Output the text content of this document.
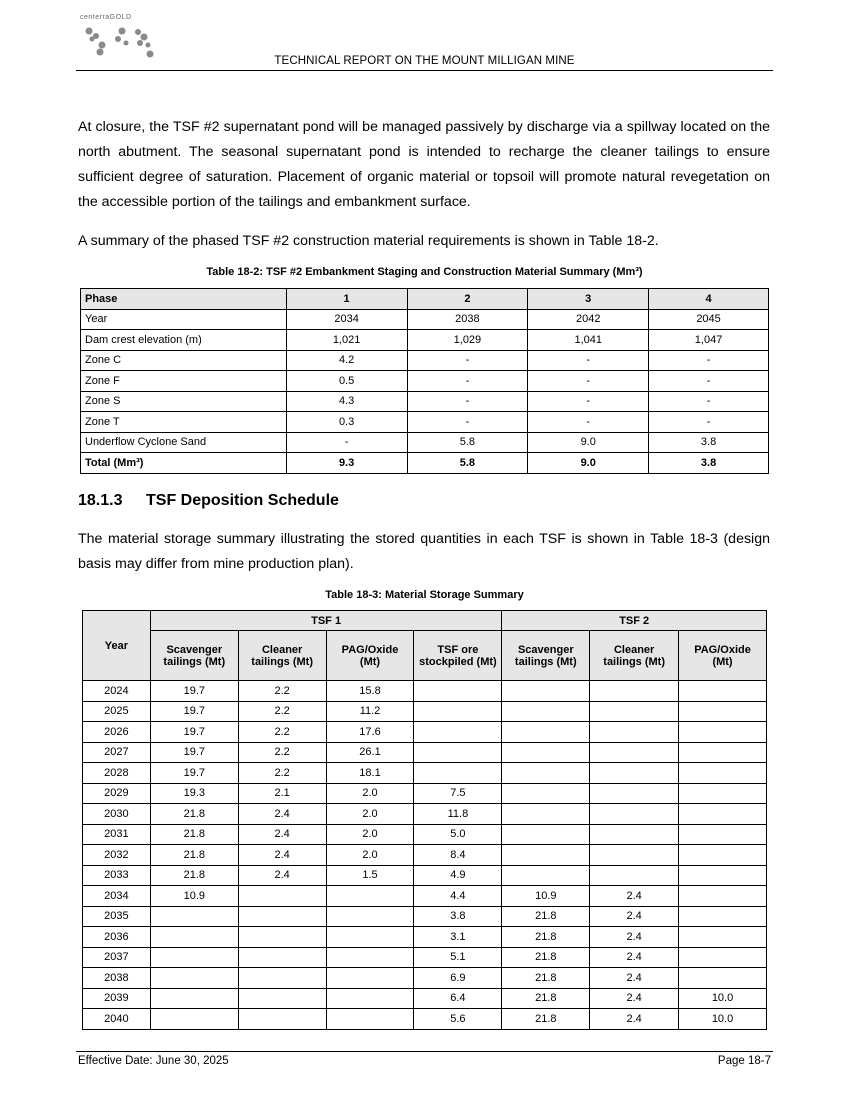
centerraGOLD
TECHNICAL REPORT ON THE MOUNT MILLIGAN MINE

At closure, the TSF #2 supernatant pond will be managed passively by discharge via a spillway located on the north abutment. The seasonal supernatant pond is intended to recharge the cleaner tailings to ensure sufficient degree of saturation. Placement of organic material or topsoil will promote natural revegetation on the accessible portion of the tailings and embankment surface.

A summary of the phased TSF #2 construction material requirements is shown in Table 18-2.

Table 18-2: TSF #2 Embankment Staging and Construction Material Summary (Mm³)
Phase	1	2	3	4
Year	2034	2038	2042	2045
Dam crest elevation (m)	1,021	1,029	1,041	1,047
Zone C	4.2	-	-	-
Zone F	0.5	-	-	-
Zone S	4.3	-	-	-
Zone T	0.3	-	-	-
Underflow Cyclone Sand	-	5.8	9.0	3.8
Total (Mm³)	9.3	5.8	9.0	3.8
18.1.3 TSF Deposition Schedule

The material storage summary illustrating the stored quantities in each TSF is shown in Table 18-3 (design basis may differ from mine production plan).

Table 18-3: Material Storage Summary
Year	TSF 1				TSF 2		
	Scavenger tailings (Mt)	Cleaner tailings (Mt)	PAG/Oxide (Mt)	TSF ore stockpiled (Mt)	Scavenger tailings (Mt)	Cleaner tailings (Mt)	PAG/Oxide (Mt)
2024	19.7	2.2	15.8				
2025	19.7	2.2	11.2				
2026	19.7	2.2	17.6				
2027	19.7	2.2	26.1				
2028	19.7	2.2	18.1				
2029	19.3	2.1	2.0	7.5			
2030	21.8	2.4	2.0	11.8			
2031	21.8	2.4	2.0	5.0			
2032	21.8	2.4	2.0	8.4			
2033	21.8	2.4	1.5	4.9			
2034	10.9			4.4	10.9	2.4	
2035				3.8	21.8	2.4	
2036				3.1	21.8	2.4	
2037				5.1	21.8	2.4	
2038				6.9	21.8	2.4	
2039				6.4	21.8	2.4	10.0
2040				5.6	21.8	2.4	10.0
Effective Date: June 30, 2025	Page 18-7
